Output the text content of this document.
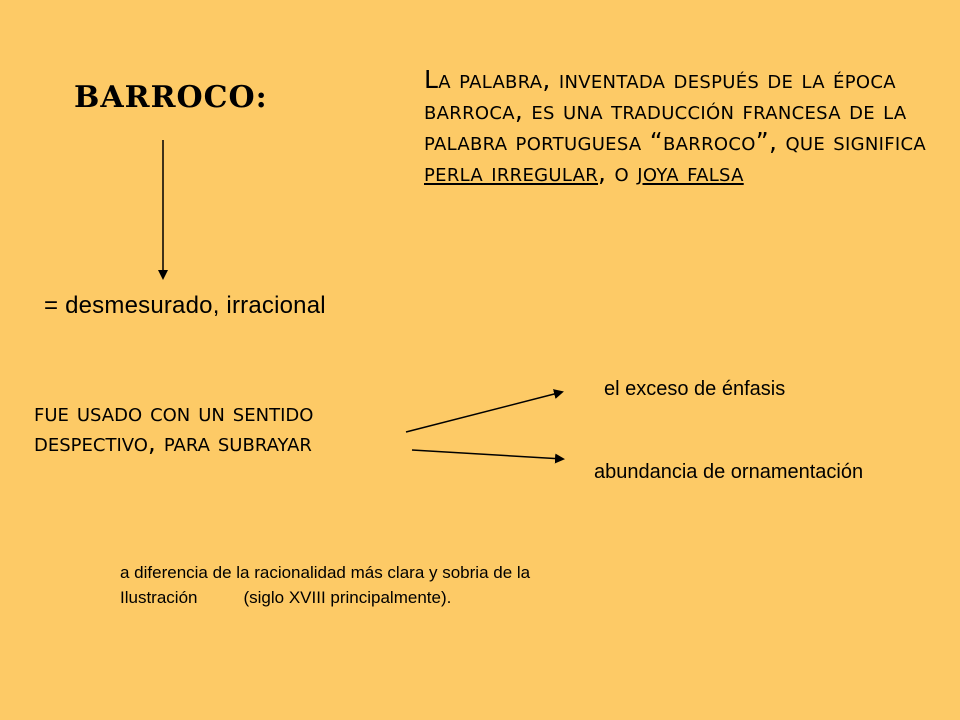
BARROCO:
La palabra, inventada después de la época barroca, es una traducción francesa de la palabra portuguesa “barroco”, que significa perla irregular, o joya falsa
= desmesurado, irracional
fue usado con un sentido despectivo, para subrayar
el exceso de énfasis
abundancia de ornamentación
a diferencia de la racionalidad más clara y sobria de la
Ilustración	(siglo XVIII principalmente).
